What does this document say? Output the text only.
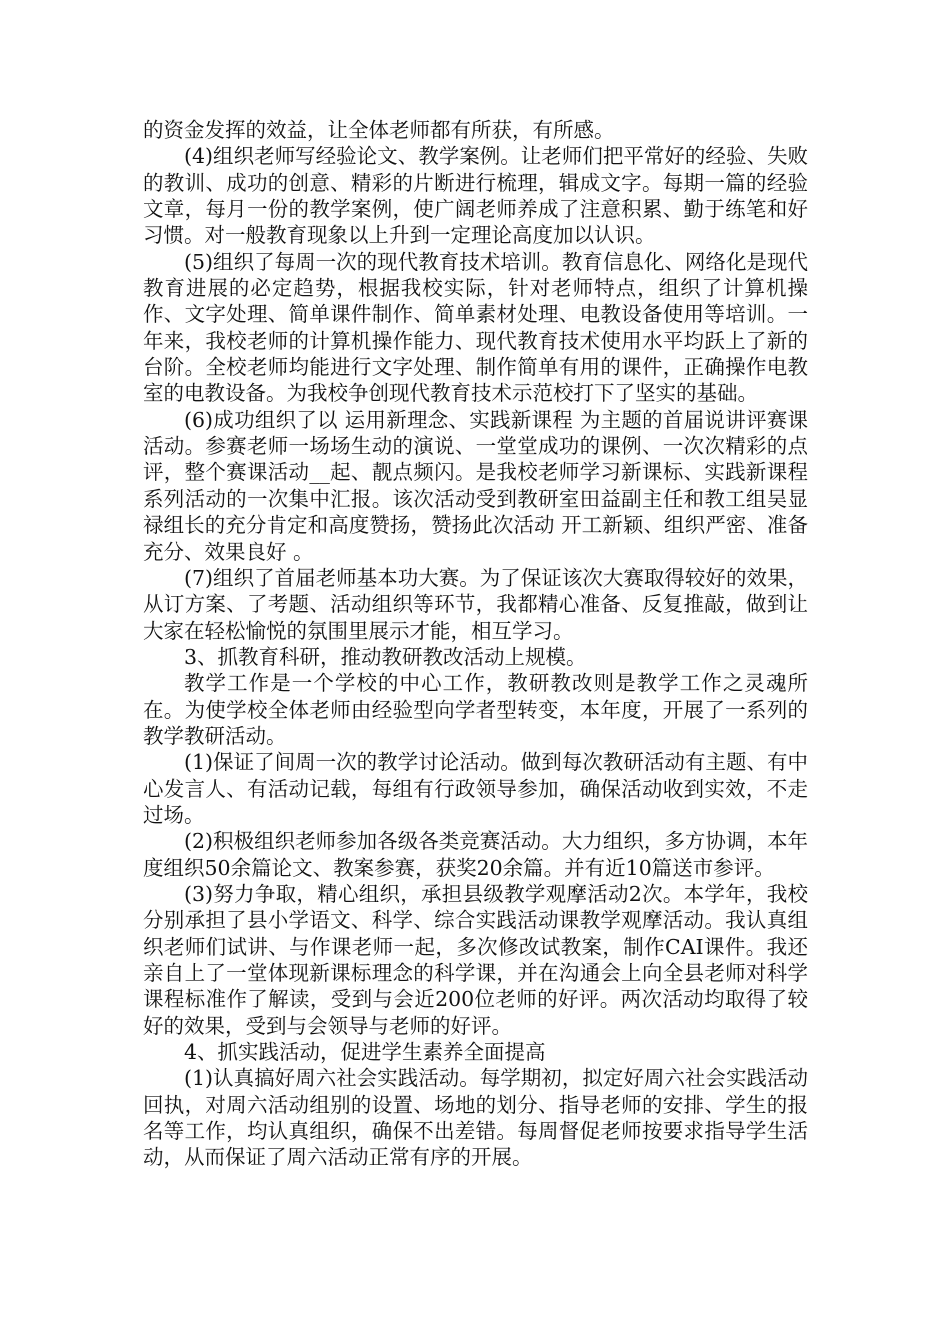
的资金发挥的效益，让全体老师都有所获，有所感。

(4)组织老师写经验论文、教学案例。让老师们把平常好的经验、失败的教训、成功的创意、精彩的片断进行梳理，辑成文字。每期一篇的经验文章，每月一份的教学案例，使广阔老师养成了注意积累、勤于练笔和好习惯。对一般教育现象以上升到一定理论高度加以认识。

(5)组织了每周一次的现代教育技术培训。教育信息化、网络化是现代教育进展的必定趋势，根据我校实际，针对老师特点，组织了计算机操作、文字处理、简单课件制作、简单素材处理、电教设备使用等培训。一年来，我校老师的计算机操作能力、现代教育技术使用水平均跃上了新的台阶。全校老师均能进行文字处理、制作简单有用的课件，正确操作电教室的电教设备。为我校争创现代教育技术示范校打下了坚实的基础。

(6)成功组织了以 运用新理念、实践新课程 为主题的首届说讲评赛课活动。参赛老师一场场生动的演说、一堂堂成功的课例、一次次精彩的点评，整个赛课活动__起、靓点频闪。是我校老师学习新课标、实践新课程系列活动的一次集中汇报。该次活动受到教研室田益副主任和教工组吴显禄组长的充分肯定和高度赞扬，赞扬此次活动 开工新颖、组织严密、准备充分、效果良好 。

(7)组织了首届老师基本功大赛。为了保证该次大赛取得较好的效果，从订方案、了考题、活动组织等环节，我都精心准备、反复推敲，做到让大家在轻松愉悦的氛围里展示才能，相互学习。

3、抓教育科研，推动教研教改活动上规模。

教学工作是一个学校的中心工作，教研教改则是教学工作之灵魂所在。为使学校全体老师由经验型向学者型转变，本年度，开展了一系列的教学教研活动。

(1)保证了间周一次的教学讨论活动。做到每次教研活动有主题、有中心发言人、有活动记载，每组有行政领导参加，确保活动收到实效，不走过场。

(2)积极组织老师参加各级各类竞赛活动。大力组织，多方协调，本年度组织50余篇论文、教案参赛，获奖20余篇。并有近10篇送市参评。

(3)努力争取，精心组织，承担县级教学观摩活动2次。本学年，我校分别承担了县小学语文、科学、综合实践活动课教学观摩活动。我认真组织老师们试讲、与作课老师一起，多次修改试教案，制作CAI课件。我还亲自上了一堂体现新课标理念的科学课，并在沟通会上向全县老师对科学课程标准作了解读，受到与会近200位老师的好评。两次活动均取得了较好的效果，受到与会领导与老师的好评。

4、抓实践活动，促进学生素养全面提高

(1)认真搞好周六社会实践活动。每学期初，拟定好周六社会实践活动回执，对周六活动组别的设置、场地的划分、指导老师的安排、学生的报名等工作，均认真组织，确保不出差错。每周督促老师按要求指导学生活动，从而保证了周六活动正常有序的开展。
